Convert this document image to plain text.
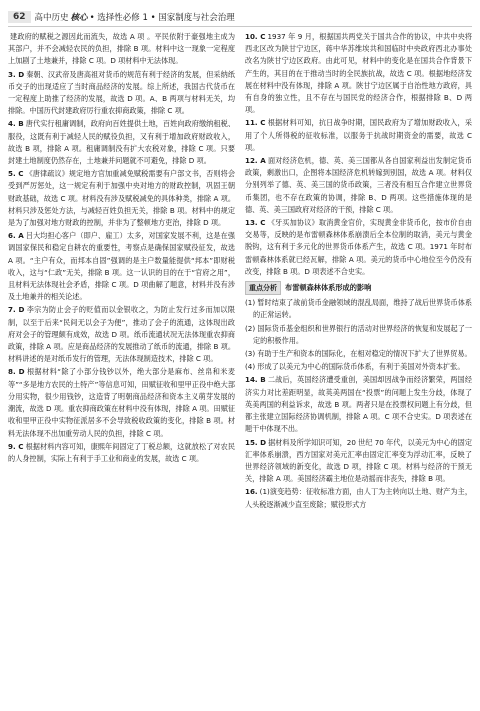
62	高中历史 核心 • 选择性必修 1 • 国家制度与社会治理

建政府的赋税之源因此而流失，故选 A 项 。平民依附于豪强地主成为其部户，并不会减轻农民的负担，排除 B 项。材料中这一现象一定程度上加剧了土地兼并，排除 C 项。D 项材料中无法体现。

3. D 秦朝、汉武帝及唐高祖对货币的规范有利于经济的发展，但采纳纸币交子的出现适应了当时商品经济的发展。综上所述，我国古代货币在一定程度上助推了经济的发展，故选 D 项。A、B 两项与材料无关，均排除。中国历代封建政府厉行重农抑商政策，排除 C 项。

4. B 唐代实行租庸调制，政府向百姓提供土地，百姓向政府缴纳租税、服役，这既有利于减轻人民的赋役负担，又有利于增加政府财政收入，故选 B 项，排除 A 项。租庸调制没有扩大农税对象，排除 C 项。只要封建土地制度仍然存在，土地兼并问题就不可避免，排除 D 项。

5. C 《唐律疏议》规定地方官加重减免赋税需要有户部文书，否则将会受到严厉惩处，这一规定有利于加强中央对地方的财政控制，巩固王朝财政基础，故选 C 项。材料没有涉及赋税减免的具体种类，排除 A 项。材料只涉及惩处方法，与减轻百姓负担无关，排除 B 项。材料中的规定是为了加强对地方财政的控制，并非为了整顿地方吏治，排除 D 项。

6. A 吕大均担心客户（即户、雇工）太多，对国家发展不利，这是在强调国家保民和稳定自耕农的重要性，考察点是确保国家赋役征发，故选 A 项。“主户有众，而邦本自固”强调的是主户数量能提供“邦本”即财税收入，这与“仁政”无关，排除 B 项。这一认识的目的在于“官府之用”，且材料无法体现社会矛盾，排除 C 项。D 项曲解了题意，材料并没有涉及土地兼并的相关论述。

7. D 李宗为防止会子的贬值而以金银收之，为防止发行过多而加以限制，以至于后来“民间无以会子为便”，推动了会子的流通，这体现出政府对会子的管理颇有成效，故选 D 项。纸币流通状况无法体现重农抑商政策，排除 A 项。应是商品经济的发展推动了纸币的流通，排除 B 项。材料讲述的是对纸币发行的管理，无法体现制造技术，排除 C 项。

8. D 根据材料“除了小部分钱钞以外，绝大部分是麻布、丝帛和米麦等”“多是地方农民的土特产”等信息可知，田赋征收和里甲正役中绝大部分用实物，很少用钱钞，这造背了明朝商品经济和资本主义萌芽发展的潮流，故选 D 项。重农抑商政策在材料中没有体现，排除 A 项。田赋征收和里甲正役中实物征派居多不会导致税收政策的变化，排除 B 项。材料无法体现不出加重劳动人民的负担，排除 C 项。

9. C 根据材料内容可知，康熙年间固定了丁税总额，这就放松了对农民的人身控制，实际上有利于手工业和商业的发展，故选 C 项。

10. C 1937 年 9 月，根据国共两党关于国共合作的协议，中共中央将西北区改为陕甘宁边区，蒋中华苏维埃共和国临时中央政府西北办事处改名为陕甘宁边区政府。由此可见，材料中的变化是在国共合作背景下产生的，其目的在于推动当时的全民族抗战，故选 C 项。根据地经济发展在材料中没有体现，排除 A 项。陕甘宁边区属于自治性地方政府，具有自身的独立性，且不存在与国民党的经济合作，根据排除 B、D 两项。

11. C 根据材料可知，抗日战争时期，国民政府为了增加财政收入，采用了个人所得税的征收标准，以服务于抗战时期资金的需要，故选 C 项。

12. A 面对经济危机，德、英、美三国都从各自国家利益出发制定货币政策，剩激出口，企图将本国经济危机转嫁到别国，故选 A 项。材料仅分别列举了德、英、美三国的货币政策，三者没有相互合作建立世界货币集团，也不存在政策的协调，排除 B、D 两项。这些措施体现的是德、英、美三国政府对经济的干预，排除 C 项。

13. C 《牙买加协议》取消黄金官价，实现黄金非货币化，按市价自由交易等，反映的是布雷顿森林体系崩溃后全本位制的取消，美元与黄金脱钩，这有利于多元化的世界货币体系产生，故选 C 项。1971 年时布雷顿森林体系就已经瓦解，排除 A 项。美元的货币中心地位至今仍没有改变，排除 B 项。D 项表述不合史实。

重点分析	布雷顿森林体系形成的影响

(1) 暂时结束了战前货币金融领域的混乱局面，维持了战后世界货币体系的正常运转。

(2) 国际货币基金组织和世界银行的活动对世界经济的恢复和发展起了一定的积极作用。

(3) 有助于生产和资本的国际化，在相对稳定的情况下扩大了世界贸易。

(4) 形成了以美元为中心的国际货币体系，有利于美国对外资本扩张。

14. B 二战后，英国经济遭受重创，美国却因战争而经济繁荣，两国经济实力对比差距明显，故英美两国在“投票”的问题上发生分歧，体现了英美两国的利益诉求，故选 B 项。两者只是在投票权问题上有分歧，但都主张建立国际经济协调机制，排除 A 项。C 项不合史实。D 项表述在题干中体现不出。

15. D 据材料及所学知识可知，20 世纪 70 年代，以美元为中心的固定汇率体系崩溃，西方国家对美元汇率由固定汇率变为浮动汇率，反映了世界经济领域的新变化，故选 D 项，排除 C 项。材料与经济的干预无关，排除 A 项。美国经济霸主地位是动摇而非丧失，排除 B 项。

16. (1)演变趋势：征收标准方面，由人丁为主转向以土地、财产为主，人头税逐渐减少直至废除；赋役形式方
